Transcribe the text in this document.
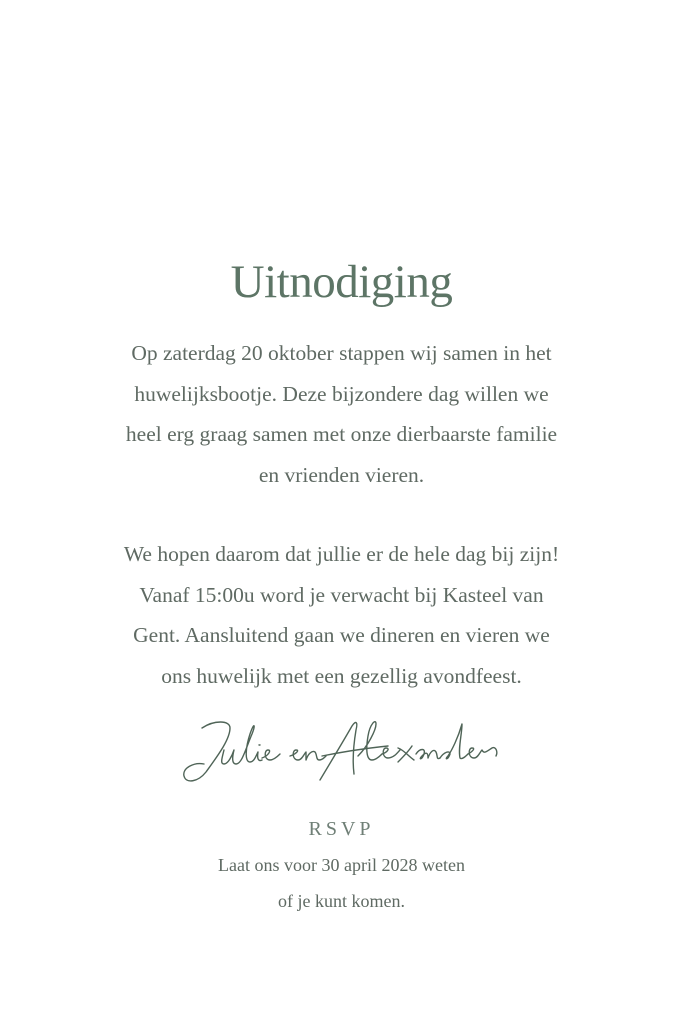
Uitnodiging
Op zaterdag 20 oktober stappen wij samen in het
huwelijksbootje. Deze bijzondere dag willen we
heel erg graag samen met onze dierbaarste familie
en vrienden vieren.
We hopen daarom dat jullie er de hele dag bij zijn!
Vanaf 15:00u word je verwacht bij Kasteel van
Gent. Aansluitend gaan we dineren en vieren we
ons huwelijk met een gezellig avondfeest.
RSVP
Laat ons voor 30 april 2028 weten
of je kunt komen.
